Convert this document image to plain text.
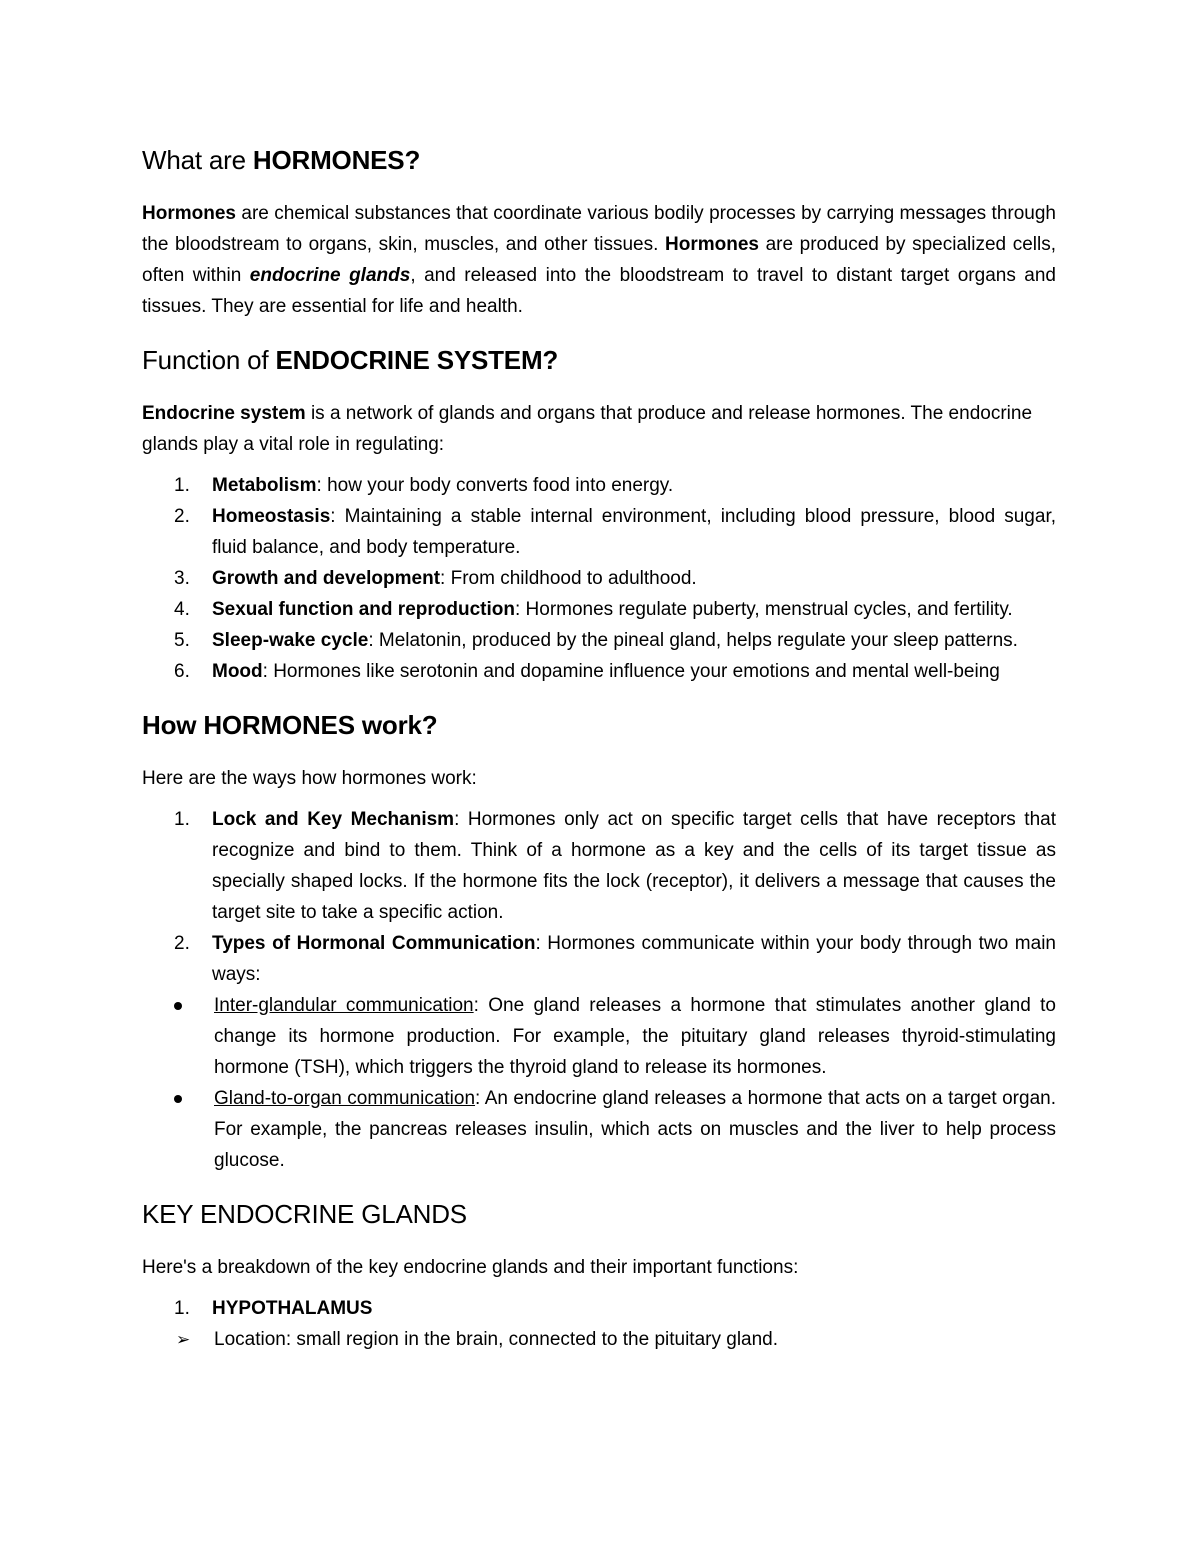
What are HORMONES?

Hormones are chemical substances that coordinate various bodily processes by carrying messages through the bloodstream to organs, skin, muscles, and other tissues. Hormones are produced by specialized cells, often within endocrine glands, and released into the bloodstream to travel to distant target organs and tissues. They are essential for life and health.

Function of ENDOCRINE SYSTEM?

Endocrine system is a network of glands and organs that produce and release hormones. The endocrine glands play a vital role in regulating:

1. Metabolism: how your body converts food into energy.
2. Homeostasis: Maintaining a stable internal environment, including blood pressure, blood sugar, fluid balance, and body temperature.
3. Growth and development: From childhood to adulthood.
4. Sexual function and reproduction: Hormones regulate puberty, menstrual cycles, and fertility.
5. Sleep-wake cycle: Melatonin, produced by the pineal gland, helps regulate your sleep patterns.
6. Mood: Hormones like serotonin and dopamine influence your emotions and mental well-being
How HORMONES work?

Here are the ways how hormones work:

1. Lock and Key Mechanism: Hormones only act on specific target cells that have receptors that recognize and bind to them. Think of a hormone as a key and the cells of its target tissue as specially shaped locks. If the hormone fits the lock (receptor), it delivers a message that causes the target site to take a specific action.
2. Types of Hormonal Communication: Hormones communicate within your body through two main ways:
Inter-glandular communication: One gland releases a hormone that stimulates another gland to change its hormone production. For example, the pituitary gland releases thyroid-stimulating hormone (TSH), which triggers the thyroid gland to release its hormones.
Gland-to-organ communication: An endocrine gland releases a hormone that acts on a target organ. For example, the pancreas releases insulin, which acts on muscles and the liver to help process glucose.
KEY ENDOCRINE GLANDS

Here's a breakdown of the key endocrine glands and their important functions:

1. HYPOTHALAMUS
➢ Location: small region in the brain, connected to the pituitary gland.
